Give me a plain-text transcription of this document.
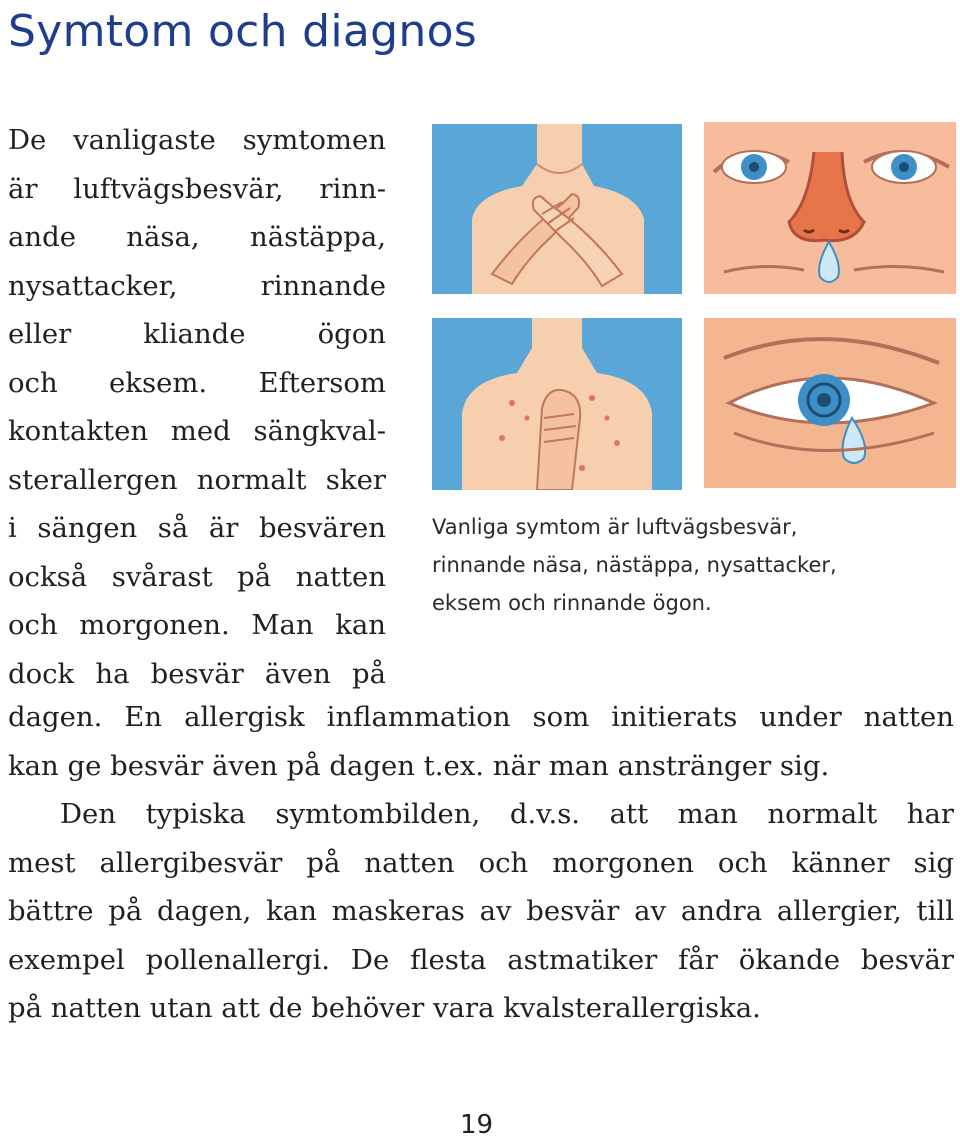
Symtom och diagnos
De vanligaste symtomen
är luftvägsbesvär, rinn-
ande näsa, nästäppa,
nysattacker, rinnande
eller kliande ögon
och eksem. Eftersom
kontakten med sängkval-
sterallergen normalt sker
i sängen så är besvären
också svårast på natten
och morgonen. Man kan
dock ha besvär även på
Vanliga symtom är luftvägsbesvär,
rinnande näsa, nästäppa, nysattacker,
eksem och rinnande ögon.
dagen. En allergisk inflammation som initierats under natten
kan ge besvär även på dagen t.ex. när man anstränger sig.
Den typiska symtombilden, d.v.s. att man normalt har
mest allergibesvär på natten och morgonen och känner sig
bättre på dagen, kan maskeras av besvär av andra allergier, till
exempel pollenallergi. De flesta astmatiker får ökande besvär
på natten utan att de behöver vara kvalsterallergiska.
19
